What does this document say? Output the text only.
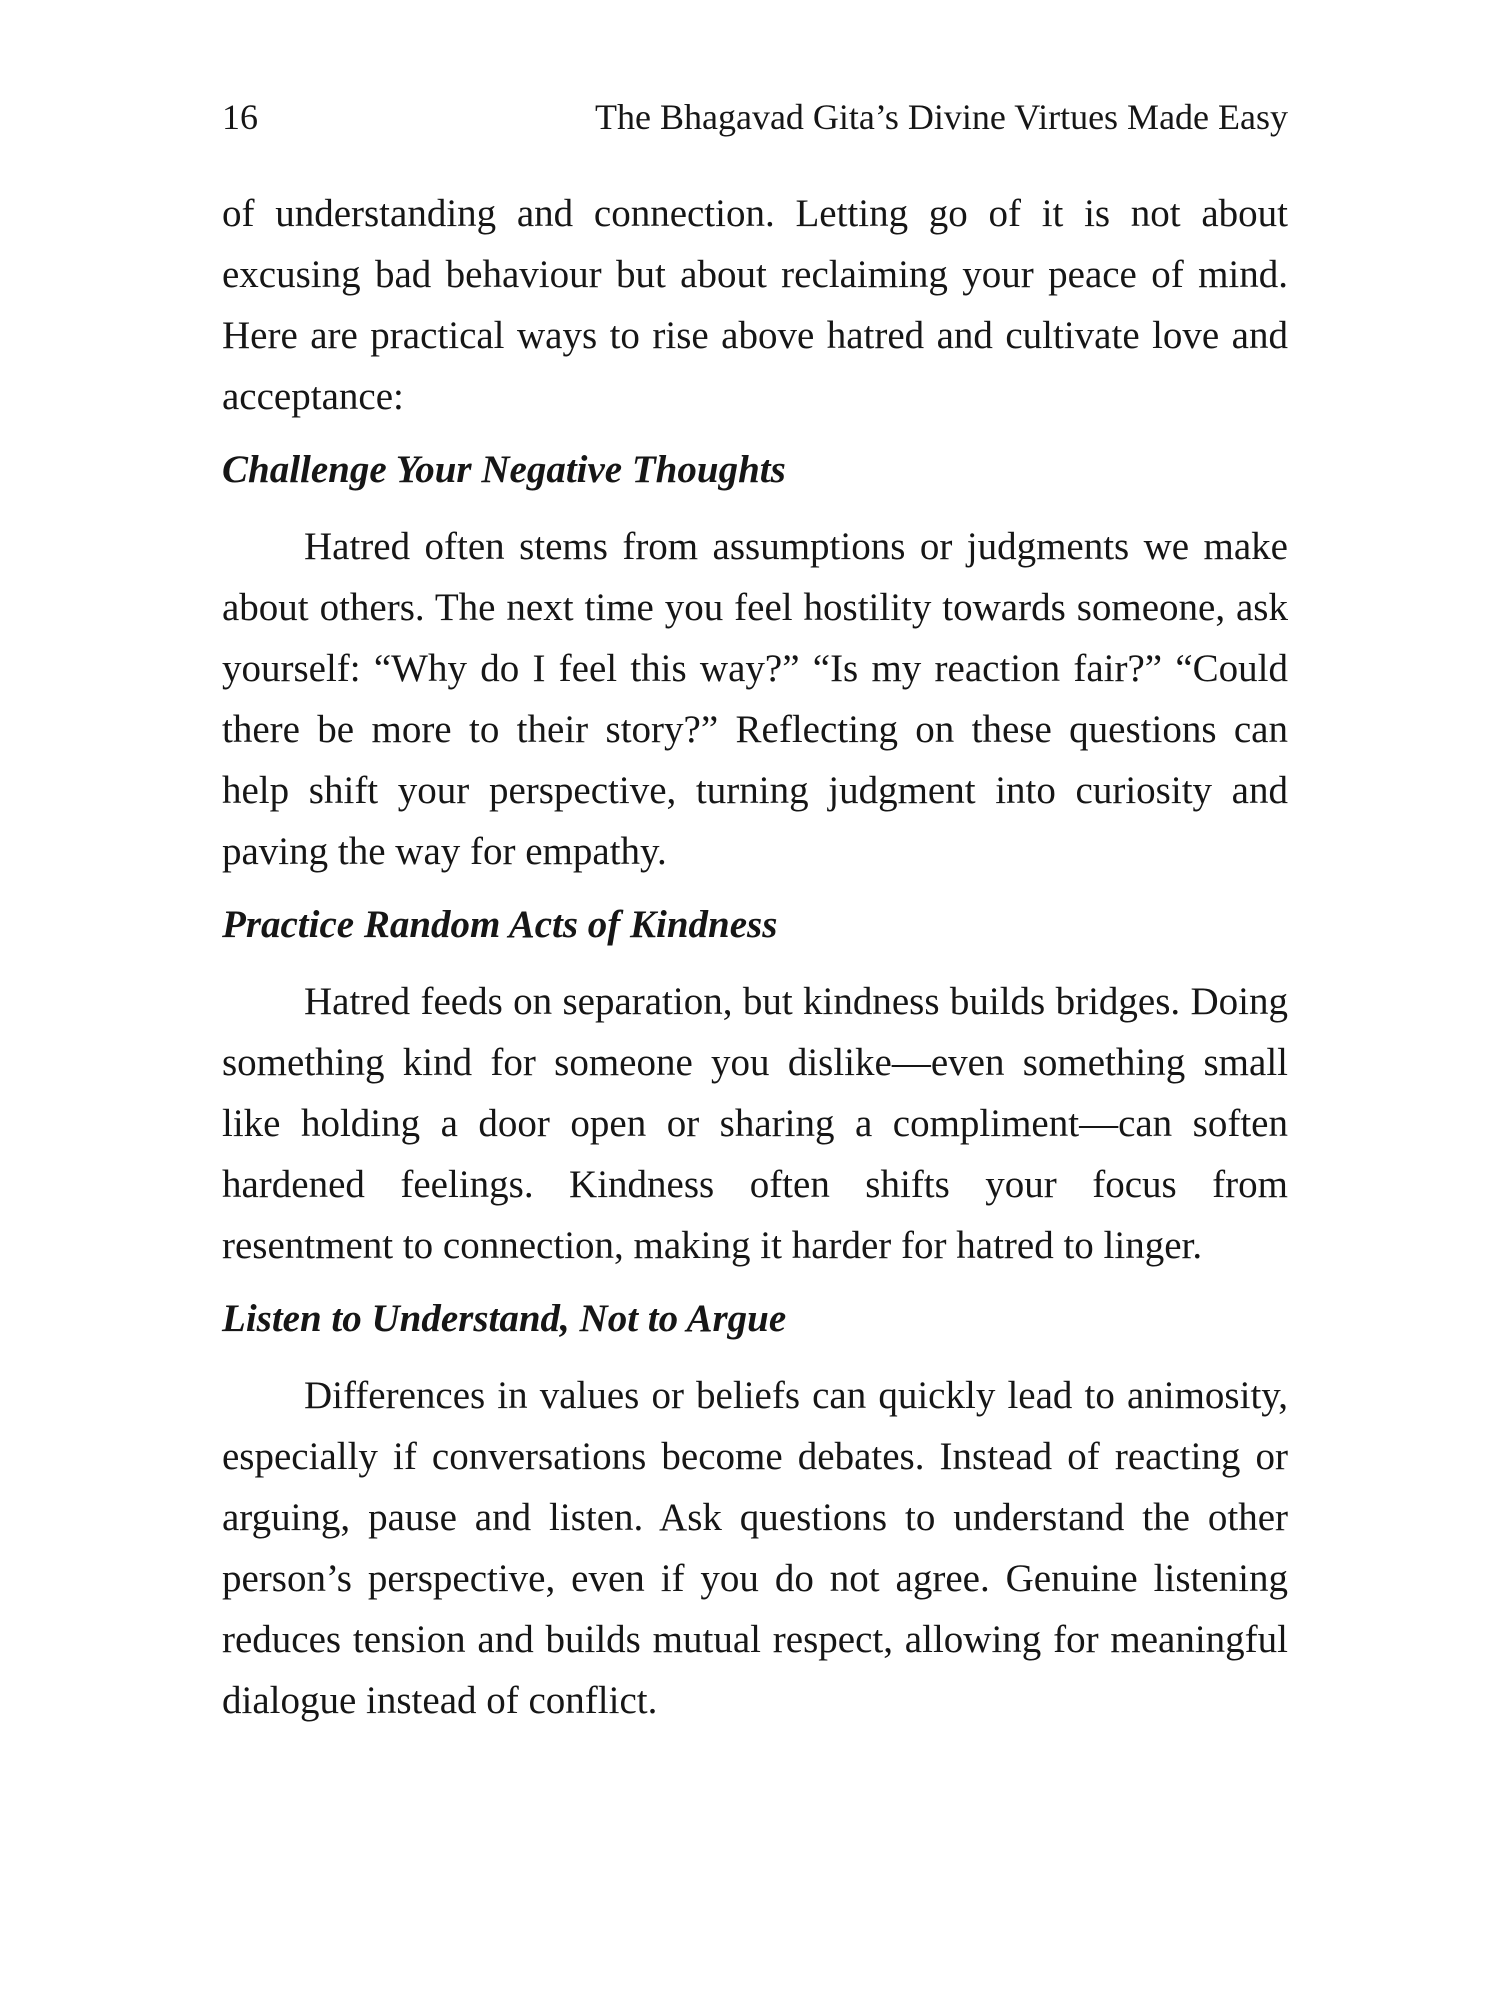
16	The Bhagavad Gita’s Divine Virtues Made Easy

of understanding and connection. Letting go of it is not about excusing bad behaviour but about reclaiming your peace of mind. Here are practical ways to rise above hatred and cultivate love and acceptance:

Challenge Your Negative Thoughts

Hatred often stems from assumptions or judgments we make about others. The next time you feel hostility towards someone, ask yourself: “Why do I feel this way?” “Is my reaction fair?” “Could there be more to their story?” Reflecting on these questions can help shift your perspective, turning judgment into curiosity and paving the way for empathy.

Practice Random Acts of Kindness

Hatred feeds on separation, but kindness builds bridges. Doing something kind for someone you dislike—even something small like holding a door open or sharing a compliment—can soften hardened feelings. Kindness often shifts your focus from resentment to connection, making it harder for hatred to linger.

Listen to Understand, Not to Argue

Differences in values or beliefs can quickly lead to animosity, especially if conversations become debates. Instead of reacting or arguing, pause and listen. Ask questions to understand the other person’s perspective, even if you do not agree. Genuine listening reduces tension and builds mutual respect, allowing for meaningful dialogue instead of conflict.
